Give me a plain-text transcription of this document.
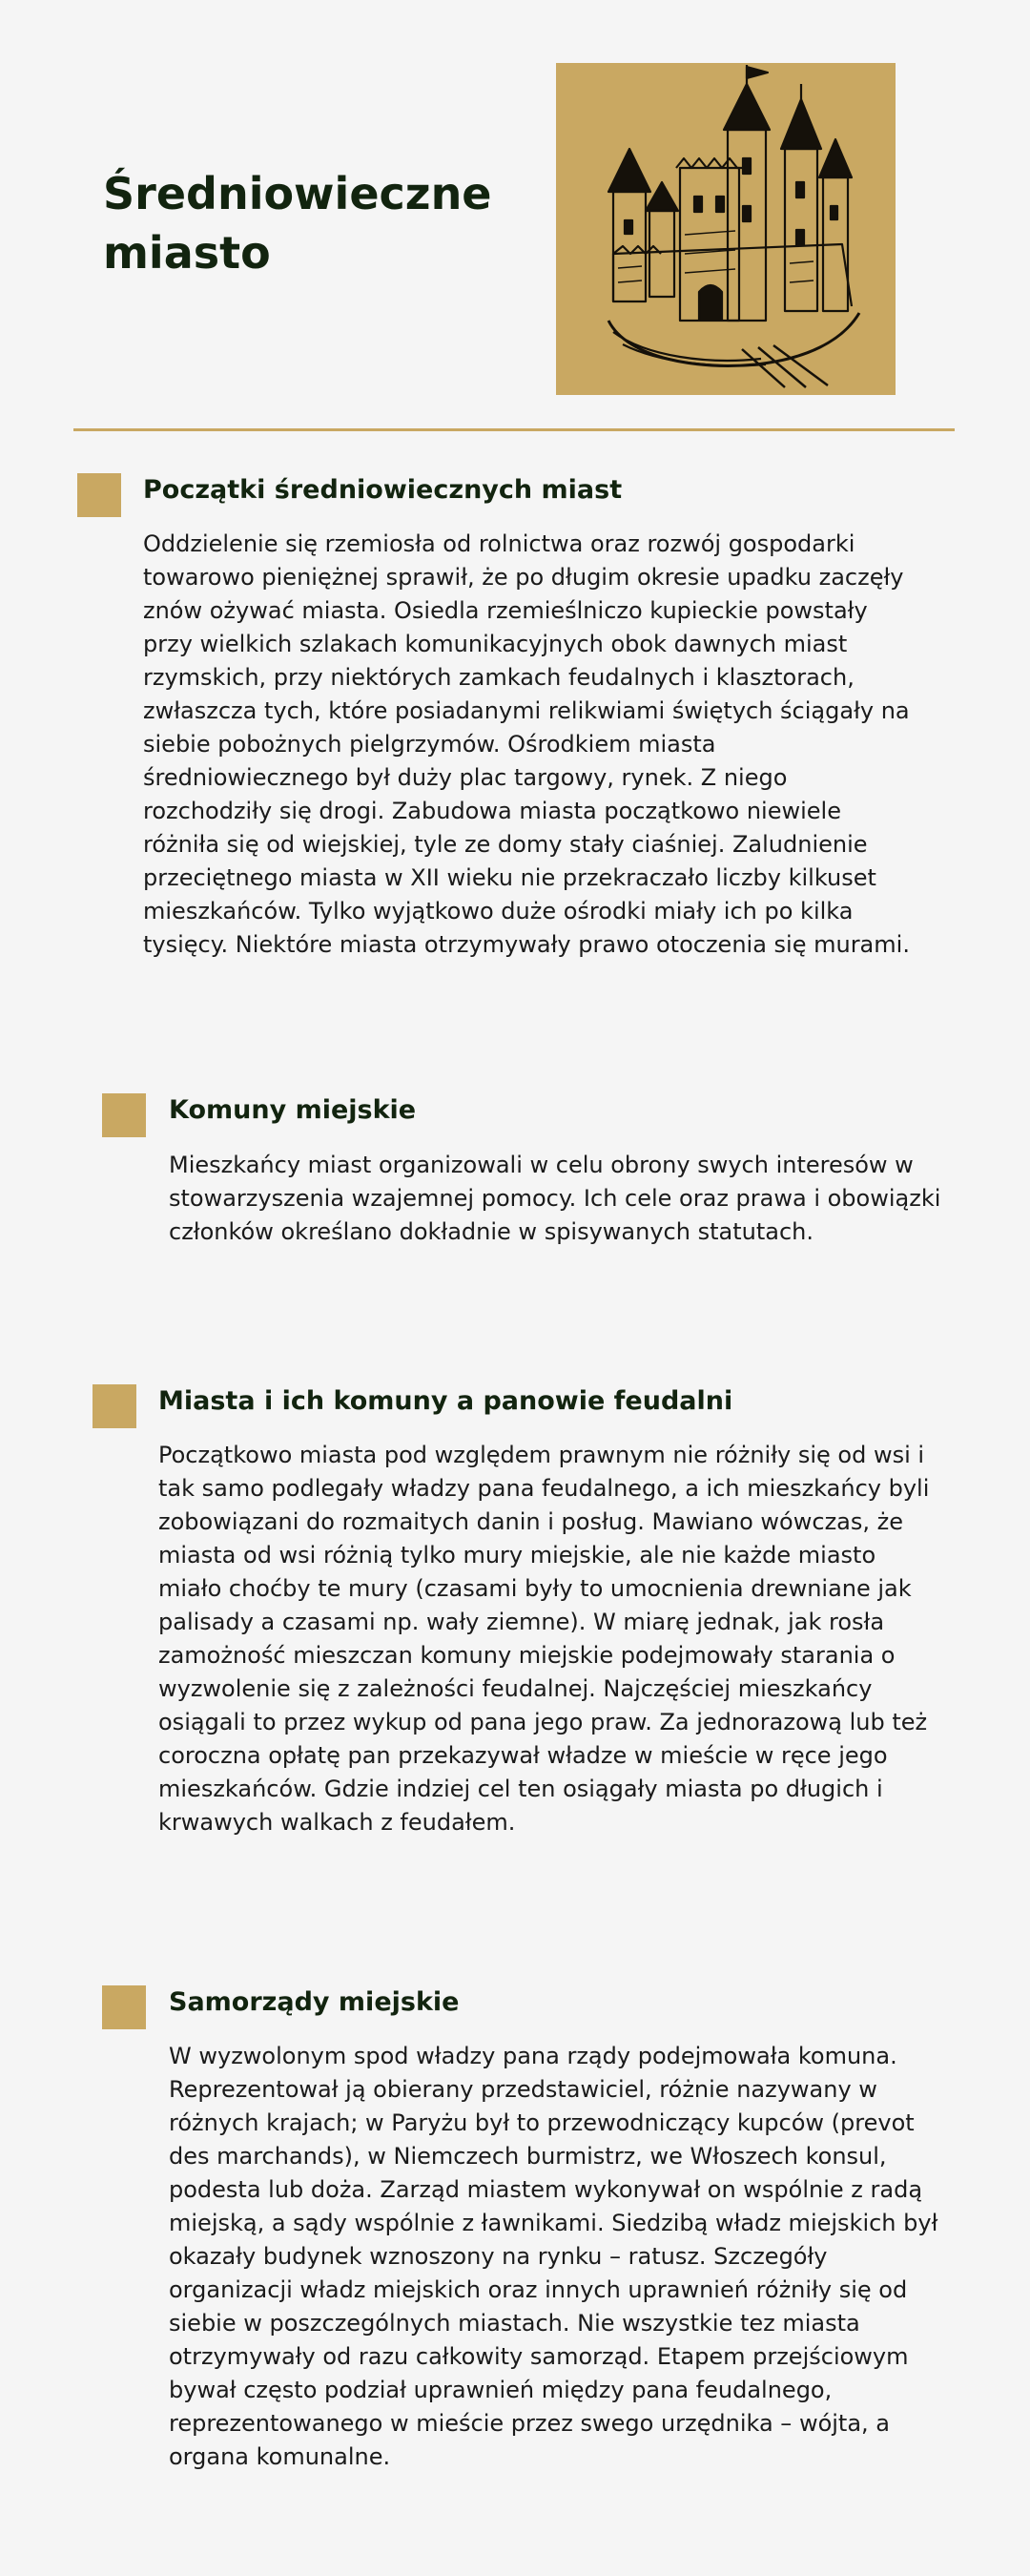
Średniowieczne miasto
Początki średniowiecznych miast

Oddzielenie się rzemiosła od rolnictwa oraz rozwój gospodarki towarowo pieniężnej sprawił, że po długim okresie upadku zaczęły znów ożywać miasta. Osiedla rzemieślniczo kupieckie powstały przy wielkich szlakach komunikacyjnych obok dawnych miast rzymskich, przy niektórych zamkach feudalnych i klasztorach, zwłaszcza tych, które posiadanymi relikwiami świętych ściągały na siebie pobożnych pielgrzymów. Ośrodkiem miasta średniowiecznego był duży plac targowy, rynek. Z niego rozchodziły się drogi. Zabudowa miasta początkowo niewiele różniła się od wiejskiej, tyle ze domy stały ciaśniej. Zaludnienie przeciętnego miasta w XII wieku nie przekraczało liczby kilkuset mieszkańców. Tylko wyjątkowo duże ośrodki miały ich po kilka tysięcy. Niektóre miasta otrzymywały prawo otoczenia się murami.

Komuny miejskie

Mieszkańcy miast organizowali w celu obrony swych interesów w stowarzyszenia wzajemnej pomocy. Ich cele oraz prawa i obowiązki członków określano dokładnie w spisywanych statutach.

Miasta i ich komuny a panowie feudalni

Początkowo miasta pod względem prawnym nie różniły się od wsi i tak samo podlegały władzy pana feudalnego, a ich mieszkańcy byli zobowiązani do rozmaitych danin i posług. Mawiano wówczas, że miasta od wsi różnią tylko mury miejskie, ale nie każde miasto miało choćby te mury (czasami były to umocnienia drewniane jak palisady a czasami np. wały ziemne). W miarę jednak, jak rosła zamożność mieszczan komuny miejskie podejmowały starania o wyzwolenie się z zależności feudalnej. Najczęściej mieszkańcy osiągali to przez wykup od pana jego praw. Za jednorazową lub też coroczna opłatę pan przekazywał władze w mieście w ręce jego mieszkańców. Gdzie indziej cel ten osiągały miasta po długich i krwawych walkach z feudałem.

Samorządy miejskie

W wyzwolonym spod władzy pana rządy podejmowała komuna. Reprezentował ją obierany przedstawiciel, różnie nazywany w różnych krajach; w Paryżu był to przewodniczący kupców (prevot des marchands), w Niemczech burmistrz, we Włoszech konsul, podesta lub doża. Zarząd miastem wykonywał on wspólnie z radą miejską, a sądy wspólnie z ławnikami. Siedzibą władz miejskich był okazały budynek wznoszony na rynku – ratusz. Szczegóły organizacji władz miejskich oraz innych uprawnień różniły się od siebie w poszczególnych miastach. Nie wszystkie tez miasta otrzymywały od razu całkowity samorząd. Etapem przejściowym bywał często podział uprawnień między pana feudalnego, reprezentowanego w mieście przez swego urzędnika – wójta, a organa komunalne.
